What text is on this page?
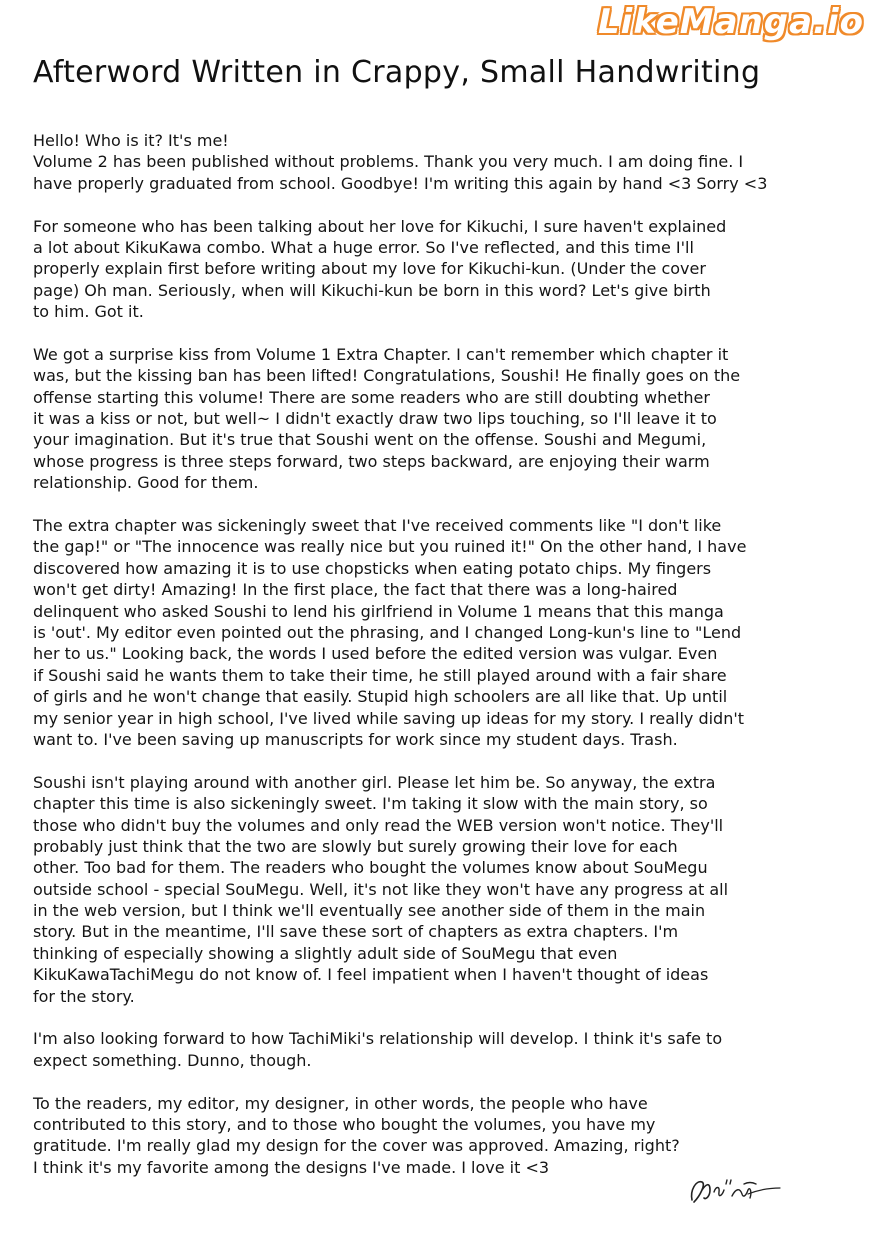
LikeManga.io
Afterword Written in Crappy, Small Handwriting

Hello! Who is it? It's me!
Volume 2 has been published without problems. Thank you very much. I am doing fine. I
have properly graduated from school. Goodbye! I'm writing this again by hand <3 Sorry <3

For someone who has been talking about her love for Kikuchi, I sure haven't explained
a lot about KikuKawa combo. What a huge error. So I've reflected, and this time I'll
properly explain first before writing about my love for Kikuchi-kun. (Under the cover
page) Oh man. Seriously, when will Kikuchi-kun be born in this word? Let's give birth
to him. Got it.

We got a surprise kiss from Volume 1 Extra Chapter. I can't remember which chapter it
was, but the kissing ban has been lifted! Congratulations, Soushi! He finally goes on the
offense starting this volume! There are some readers who are still doubting whether
it was a kiss or not, but well~ I didn't exactly draw two lips touching, so I'll leave it to
your imagination. But it's true that Soushi went on the offense. Soushi and Megumi,
whose progress is three steps forward, two steps backward, are enjoying their warm
relationship. Good for them.

The extra chapter was sickeningly sweet that I've received comments like "I don't like
the gap!" or "The innocence was really nice but you ruined it!" On the other hand, I have
discovered how amazing it is to use chopsticks when eating potato chips. My fingers
won't get dirty! Amazing! In the first place, the fact that there was a long-haired
delinquent who asked Soushi to lend his girlfriend in Volume 1 means that this manga
is 'out'. My editor even pointed out the phrasing, and I changed Long-kun's line to "Lend
her to us." Looking back, the words I used before the edited version was vulgar. Even
if Soushi said he wants them to take their time, he still played around with a fair share
of girls and he won't change that easily. Stupid high schoolers are all like that. Up until
my senior year in high school, I've lived while saving up ideas for my story. I really didn't
want to. I've been saving up manuscripts for work since my student days. Trash.

Soushi isn't playing around with another girl. Please let him be. So anyway, the extra
chapter this time is also sickeningly sweet. I'm taking it slow with the main story, so
those who didn't buy the volumes and only read the WEB version won't notice. They'll
probably just think that the two are slowly but surely growing their love for each
other. Too bad for them. The readers who bought the volumes know about SouMegu
outside school - special SouMegu. Well, it's not like they won't have any progress at all
in the web version, but I think we'll eventually see another side of them in the main
story. But in the meantime, I'll save these sort of chapters as extra chapters. I'm
thinking of especially showing a slightly adult side of SouMegu that even
KikuKawaTachiMegu do not know of. I feel impatient when I haven't thought of ideas
for the story.

I'm also looking forward to how TachiMiki's relationship will develop. I think it's safe to
expect something. Dunno, though.

To the readers, my editor, my designer, in other words, the people who have
contributed to this story, and to those who bought the volumes, you have my
gratitude. I'm really glad my design for the cover was approved. Amazing, right?
I think it's my favorite among the designs I've made. I love it <3
